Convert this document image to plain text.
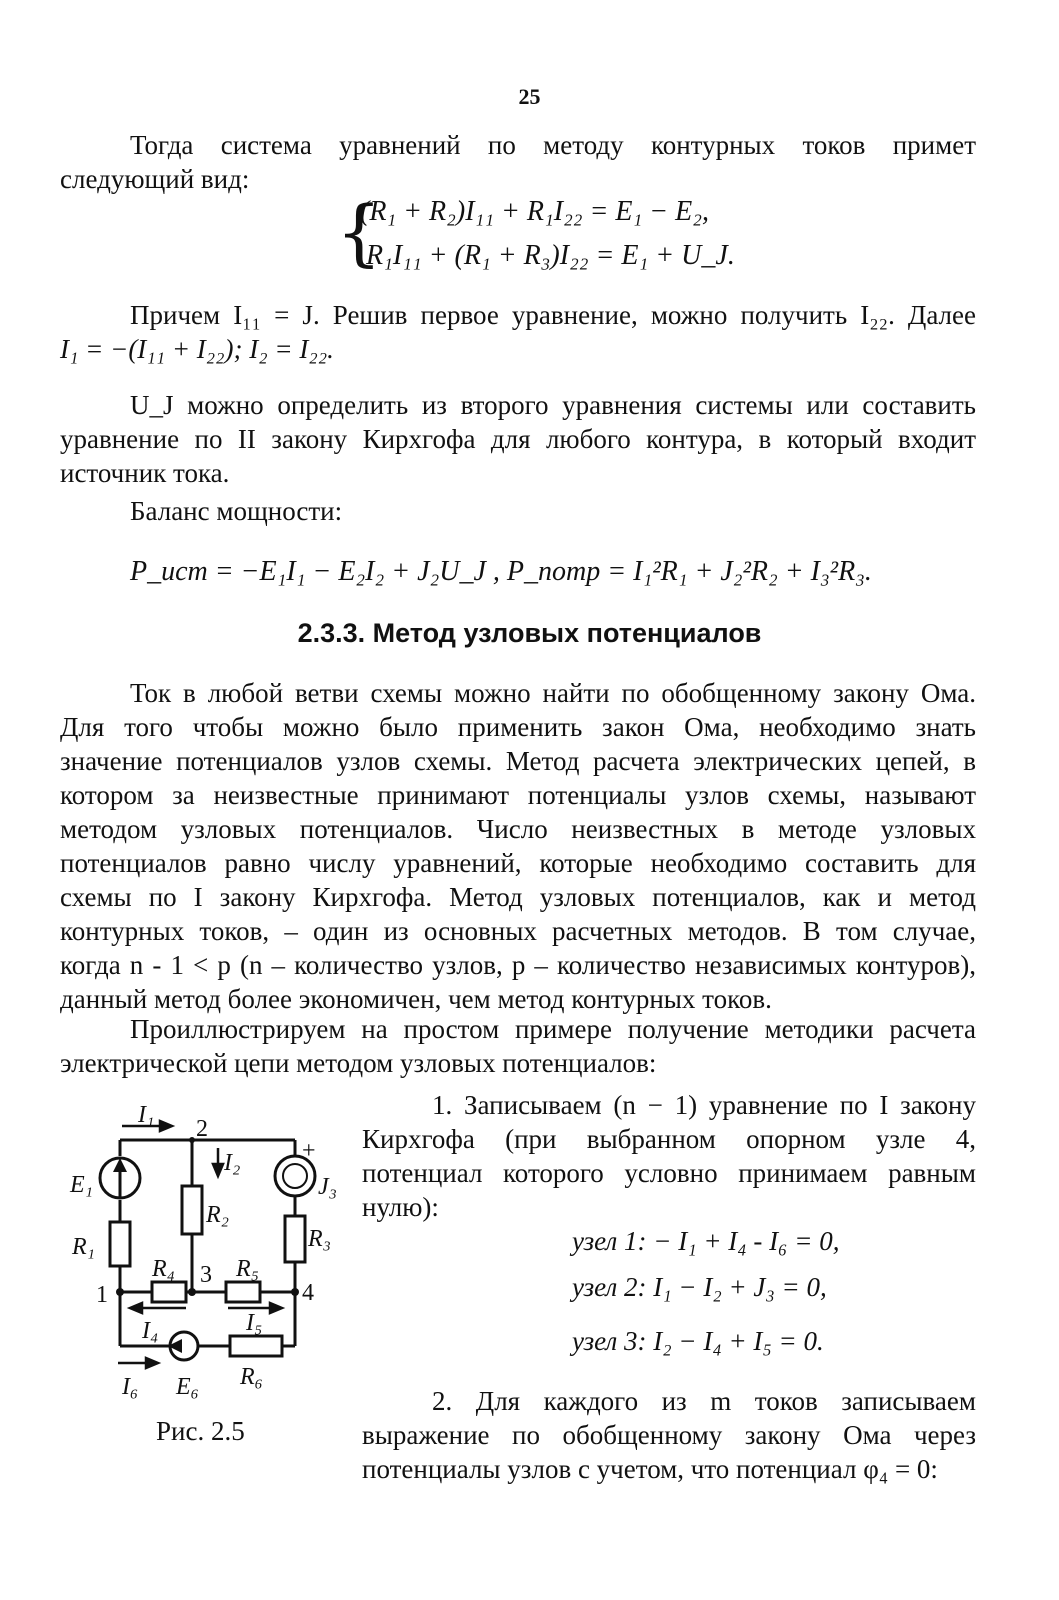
25
Тогда система уравнений по методу контурных токов примет
следующий вид:
{
(R₁ + R₂)I₁₁ + R₁I₂₂ = E₁ − E₂,
R₁I₁₁ + (R₁ + R₃)I₂₂ = E₁ + U_J.
Причем I₁₁ = J. Решив первое уравнение, можно получить I₂₂. Далее
I₁ = −(I₁₁ + I₂₂); I₂ = I₂₂.
U_J можно определить из второго уравнения системы или составить
уравнение по II закону Кирхгофа для любого контура, в который входит
источник тока.
Баланс мощности:
P_ист = −E₁I₁ − E₂I₂ + J₂U_J , P_потр = I₁²R₁ + J₂²R₂ + I₃²R₃.
2.3.3. Метод узловых потенциалов
Ток в любой ветви схемы можно найти по обобщенному закону Ома.
Для того чтобы можно было применить закон Ома, необходимо знать
значение потенциалов узлов схемы. Метод расчета электрических цепей, в
котором за неизвестные принимают потенциалы узлов схемы, называют
методом узловых потенциалов. Число неизвестных в методе узловых
потенциалов равно числу уравнений, которые необходимо составить для
схемы по I закону Кирхгофа. Метод узловых потенциалов, как и метод
контурных токов, – один из основных расчетных методов. В том случае,
когда n - 1 < p (n – количество узлов, p – количество независимых контуров),
данный метод более экономичен, чем метод контурных токов.
Проиллюстрируем на простом примере получение методики расчета
электрической цепи методом узловых потенциалов:
1. Записываем (n − 1) уравнение по I закону
Кирхгофа (при выбранном опорном узле 4,
потенциал которого условно принимаем равным
нулю):
узел 1: − I₁ + I₄ - I₆ = 0,
узел 2: I₁ − I₂ + J₃ = 0,
узел 3: I₂ − I₄ + I₅ = 0.
2. Для каждого из m токов записываем
выражение по обобщенному закону Ома через
потенциалы узлов с учетом, что потенциал φ₄ = 0:
I₁
2
I₂	+
E₁	J₃
R₂
R₁	R₃
R₄ 3 R₅
1	4
I₄	I₅
I₆ E₆ R₆
Рис. 2.5
